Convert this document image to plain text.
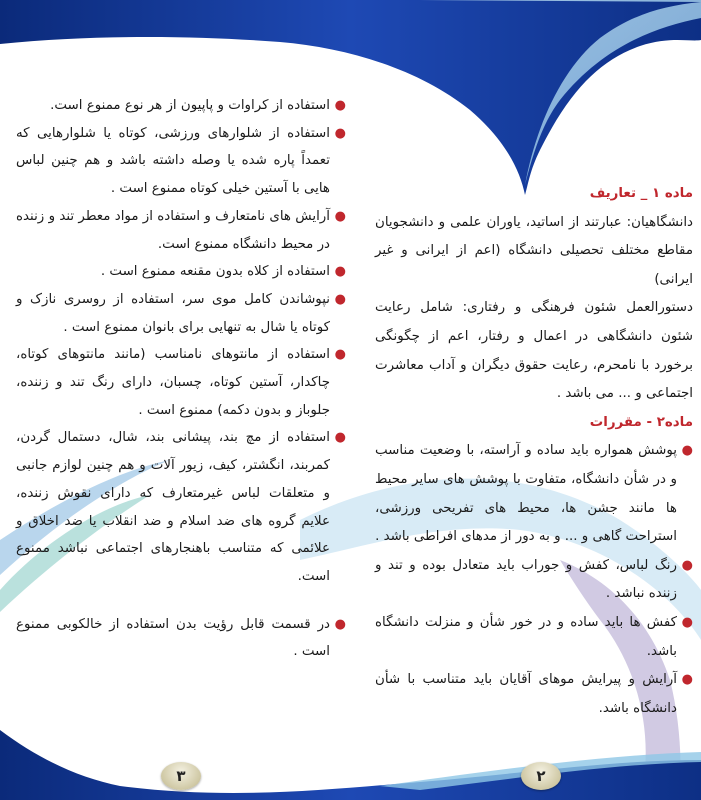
ماده ۱ _ تعاریف

دانشگاهیان: عبارتند از اساتید، یاوران علمی و دانشجویان مقاطع مختلف تحصیلی دانشگاه (اعم از ایرانی و غیر ایرانی)

دستورالعمل شئون فرهنگی و رفتاری: شامل رعایت شئون دانشگاهی در اعمال و رفتار، اعم از چگونگی برخورد با نامحرم، رعایت حقوق دیگران و آداب معاشرت اجتماعی و ... می باشد .

ماده۲ - مقررات

●
پوشش همواره باید ساده و آراسته، با وضعیت مناسب و در شأن دانشگاه، متفاوت با پوشش های سایر محیط ها مانند جشن ها، محیط های تفریحی ورزشی، استراحت گاهی و ... و به دور از مدهای افراطی باشد .

●
رنگ لباس، کفش و جوراب باید متعادل بوده و تند و زننده نباشد .

●
کفش ها باید ساده و در خور شأن و منزلت دانشگاه باشد.

●
آرایش و پیرایش موهای آقایان باید متناسب با شأن دانشگاه باشد.

●
استفاده از کراوات و پاپیون از هر نوع ممنوع است.

●
استفاده از شلوارهای ورزشی، کوتاه یا شلوارهایی که تعمداً پاره شده یا وصله داشته باشد و هم چنین لباس هایی با آستین خیلی کوتاه ممنوع است .

●
آرایش های نامتعارف و استفاده از مواد معطر تند و زننده در محیط دانشگاه ممنوع است.

●
استفاده از کلاه بدون مقنعه ممنوع است .

●
نپوشاندن کامل موی سر، استفاده از روسری نازک و کوتاه یا شال به تنهایی برای بانوان ممنوع است .

●
استفاده از مانتوهای نامناسب (مانند مانتوهای کوتاه، چاکدار، آستین کوتاه، چسبان، دارای رنگ تند و زننده، جلوباز و بدون دکمه) ممنوع است .

●
استفاده از مچ بند، پیشانی بند، شال، دستمال گردن، کمربند، انگشتر، کیف، زیور آلات و هم چنین لوازم جانبی و متعلقات لباس غیرمتعارف که دارای نقوش زننده، علایم گروه های ضد اسلام و ضد انقلاب یا ضد اخلاق و علائمی که متناسب باهنجارهای اجتماعی نباشد ممنوع است.

●
در قسمت قابل رؤیت بدن استفاده از خالکوبی ممنوع است .

۳	۲
